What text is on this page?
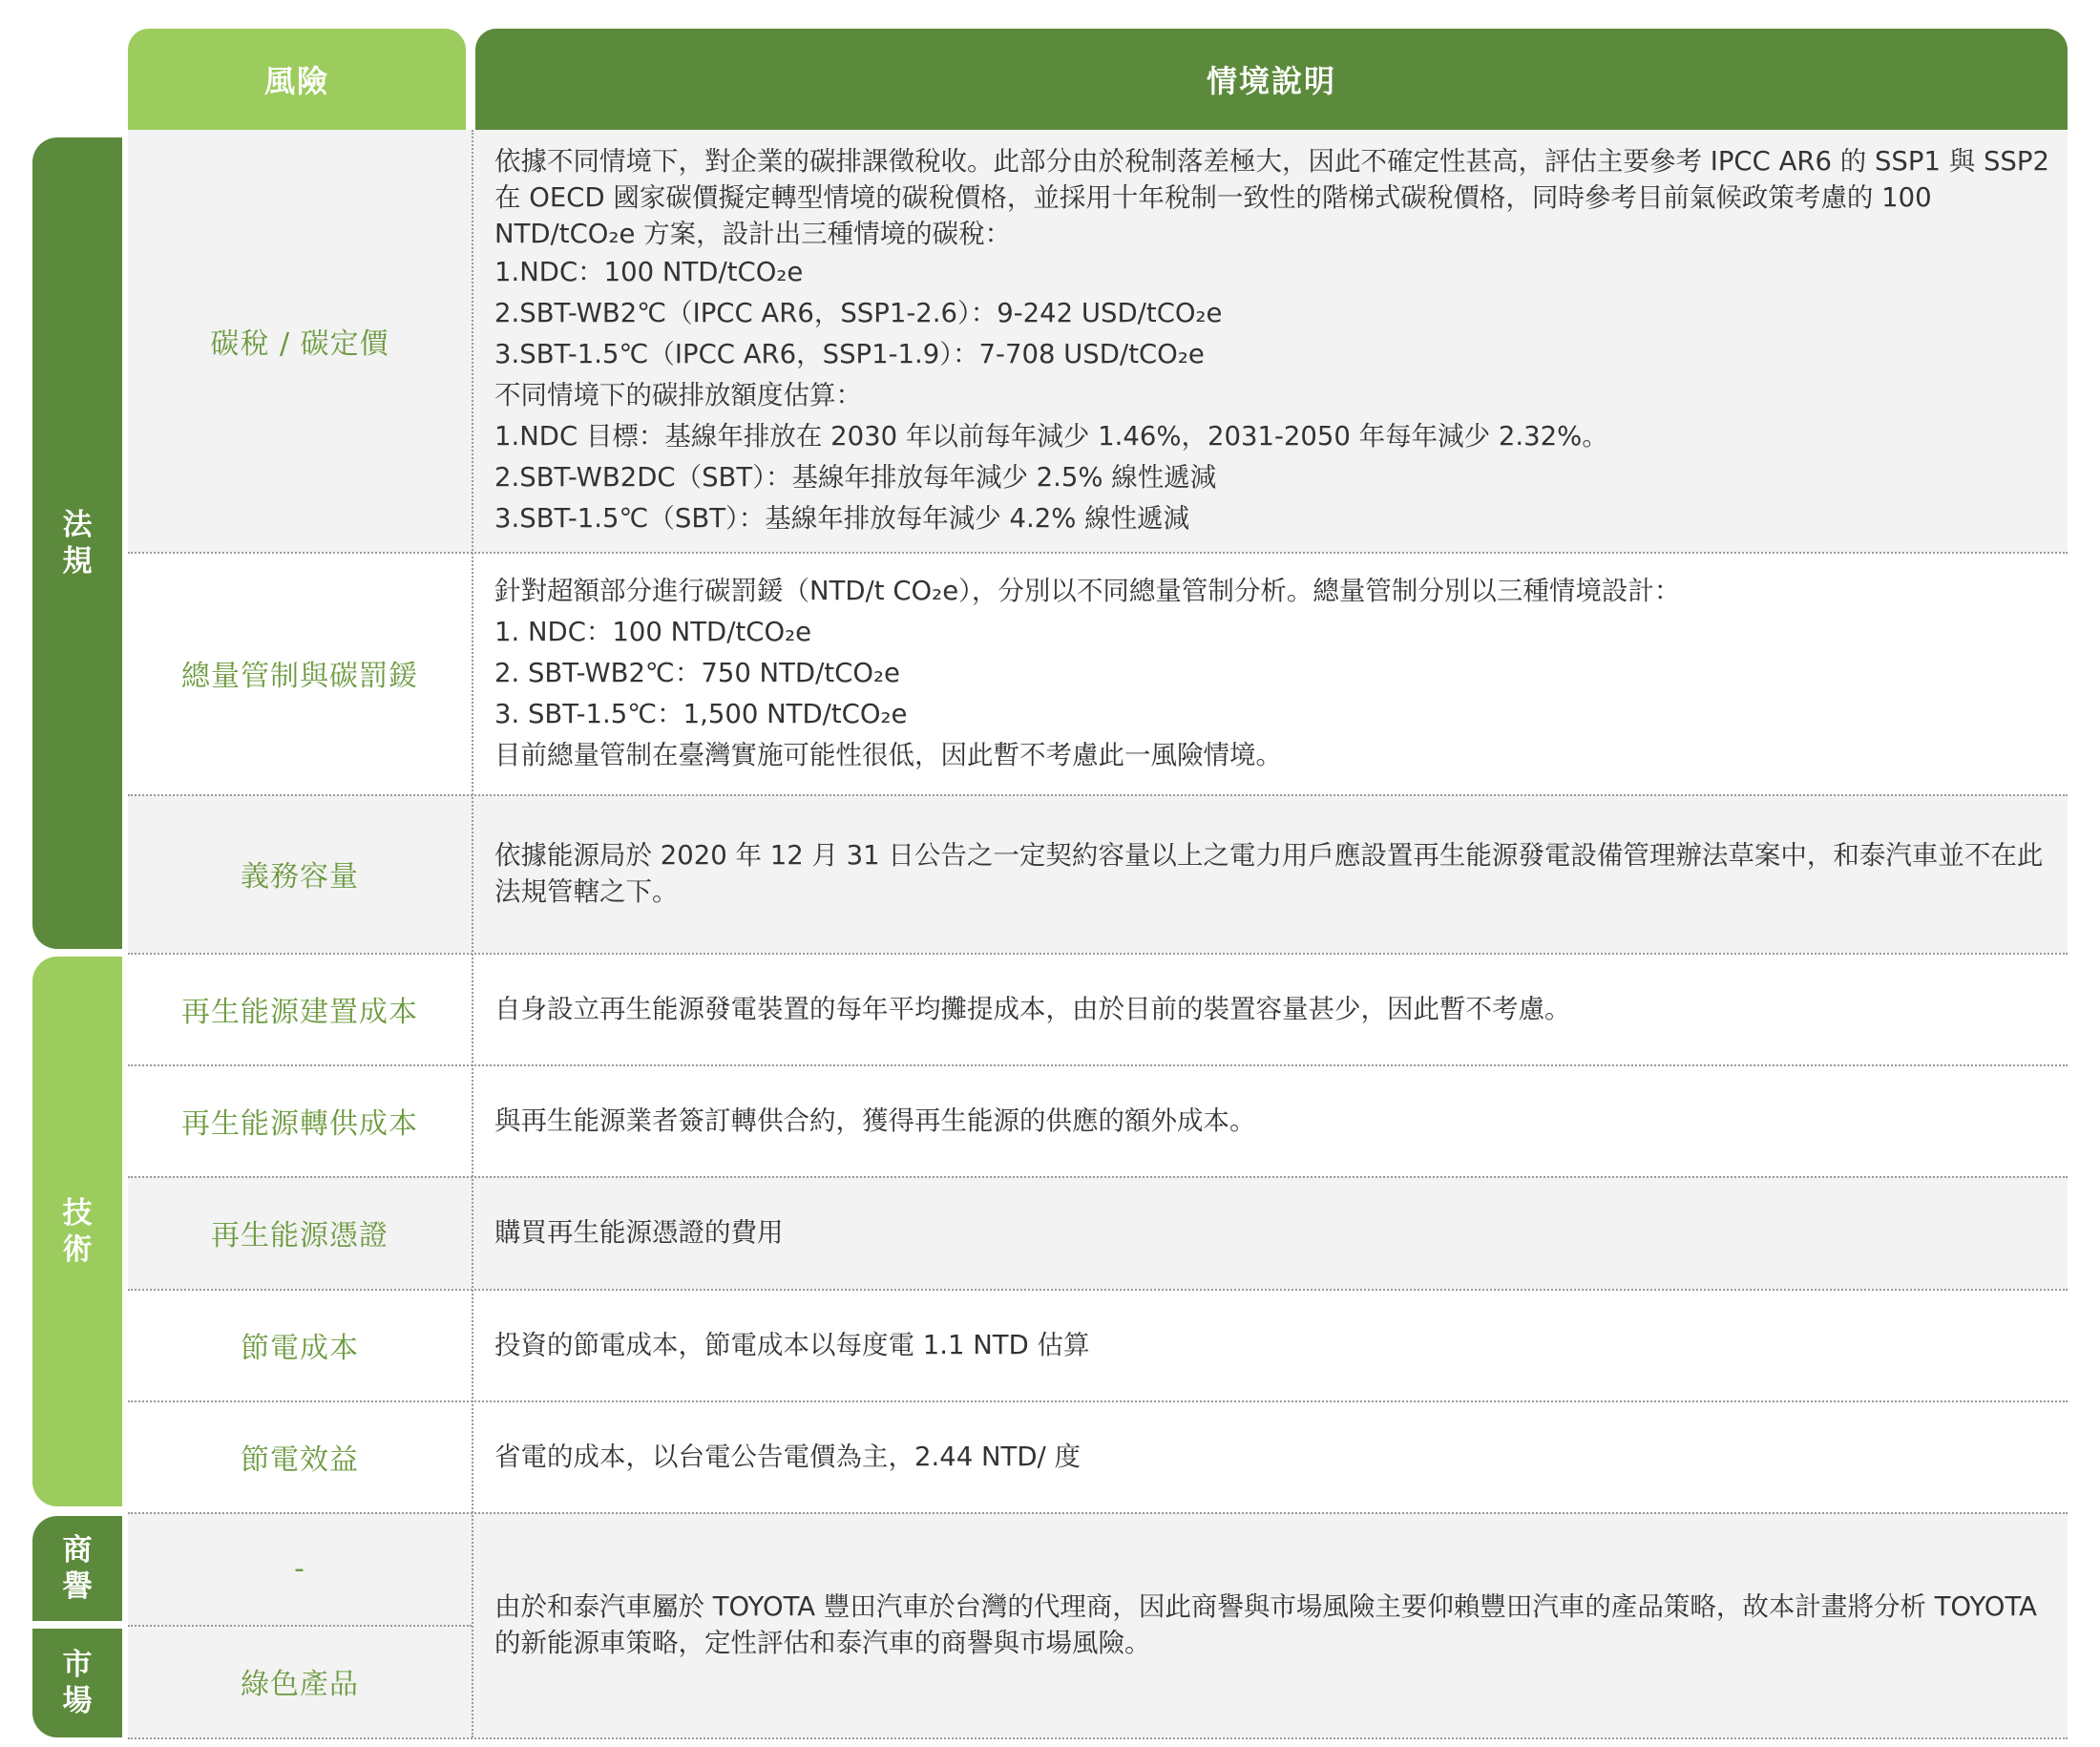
風險	情境說明
法規
技術
商譽
市場
碳稅 / 碳定價
總量管制與碳罰鍰
義務容量
再生能源建置成本
再生能源轉供成本
再生能源憑證
節電成本
節電效益
-
綠色產品
依據不同情境下，對企業的碳排課徵稅收。此部分由於稅制落差極大，因此不確定性甚高，評估主要參考 IPCC AR6 的 SSP1 與 SSP2 在 OECD 國家碳價擬定轉型情境的碳稅價格，並採用十年稅制一致性的階梯式碳稅價格，同時參考目前氣候政策考慮的 100 NTD/tCO₂e 方案，設計出三種情境的碳稅：
1.NDC：100 NTD/tCO₂e
2.SBT-WB2℃（IPCC AR6，SSP1-2.6）：9-242 USD/tCO₂e
3.SBT-1.5℃（IPCC AR6，SSP1-1.9）：7-708 USD/tCO₂e
不同情境下的碳排放額度估算：
1.NDC 目標：基線年排放在 2030 年以前每年減少 1.46%，2031-2050 年每年減少 2.32%。
2.SBT-WB2DC（SBT）：基線年排放每年減少 2.5% 線性遞減
3.SBT-1.5℃（SBT）：基線年排放每年減少 4.2% 線性遞減
針對超額部分進行碳罰鍰（NTD/t CO₂e），分別以不同總量管制分析。總量管制分別以三種情境設計：
1. NDC：100 NTD/tCO₂e
2. SBT-WB2℃：750 NTD/tCO₂e
3. SBT-1.5℃：1,500 NTD/tCO₂e
目前總量管制在臺灣實施可能性很低，因此暫不考慮此一風險情境。
依據能源局於 2020 年 12 月 31 日公告之一定契約容量以上之電力用戶應設置再生能源發電設備管理辦法草案中，和泰汽車並不在此法規管轄之下。
自身設立再生能源發電裝置的每年平均攤提成本，由於目前的裝置容量甚少，因此暫不考慮。
與再生能源業者簽訂轉供合約，獲得再生能源的供應的額外成本。
購買再生能源憑證的費用
投資的節電成本，節電成本以每度電 1.1 NTD 估算
省電的成本，以台電公告電價為主，2.44 NTD/ 度
由於和泰汽車屬於 TOYOTA 豐田汽車於台灣的代理商，因此商譽與市場風險主要仰賴豐田汽車的產品策略，故本計畫將分析 TOYOTA 的新能源車策略，定性評估和泰汽車的商譽與市場風險。
